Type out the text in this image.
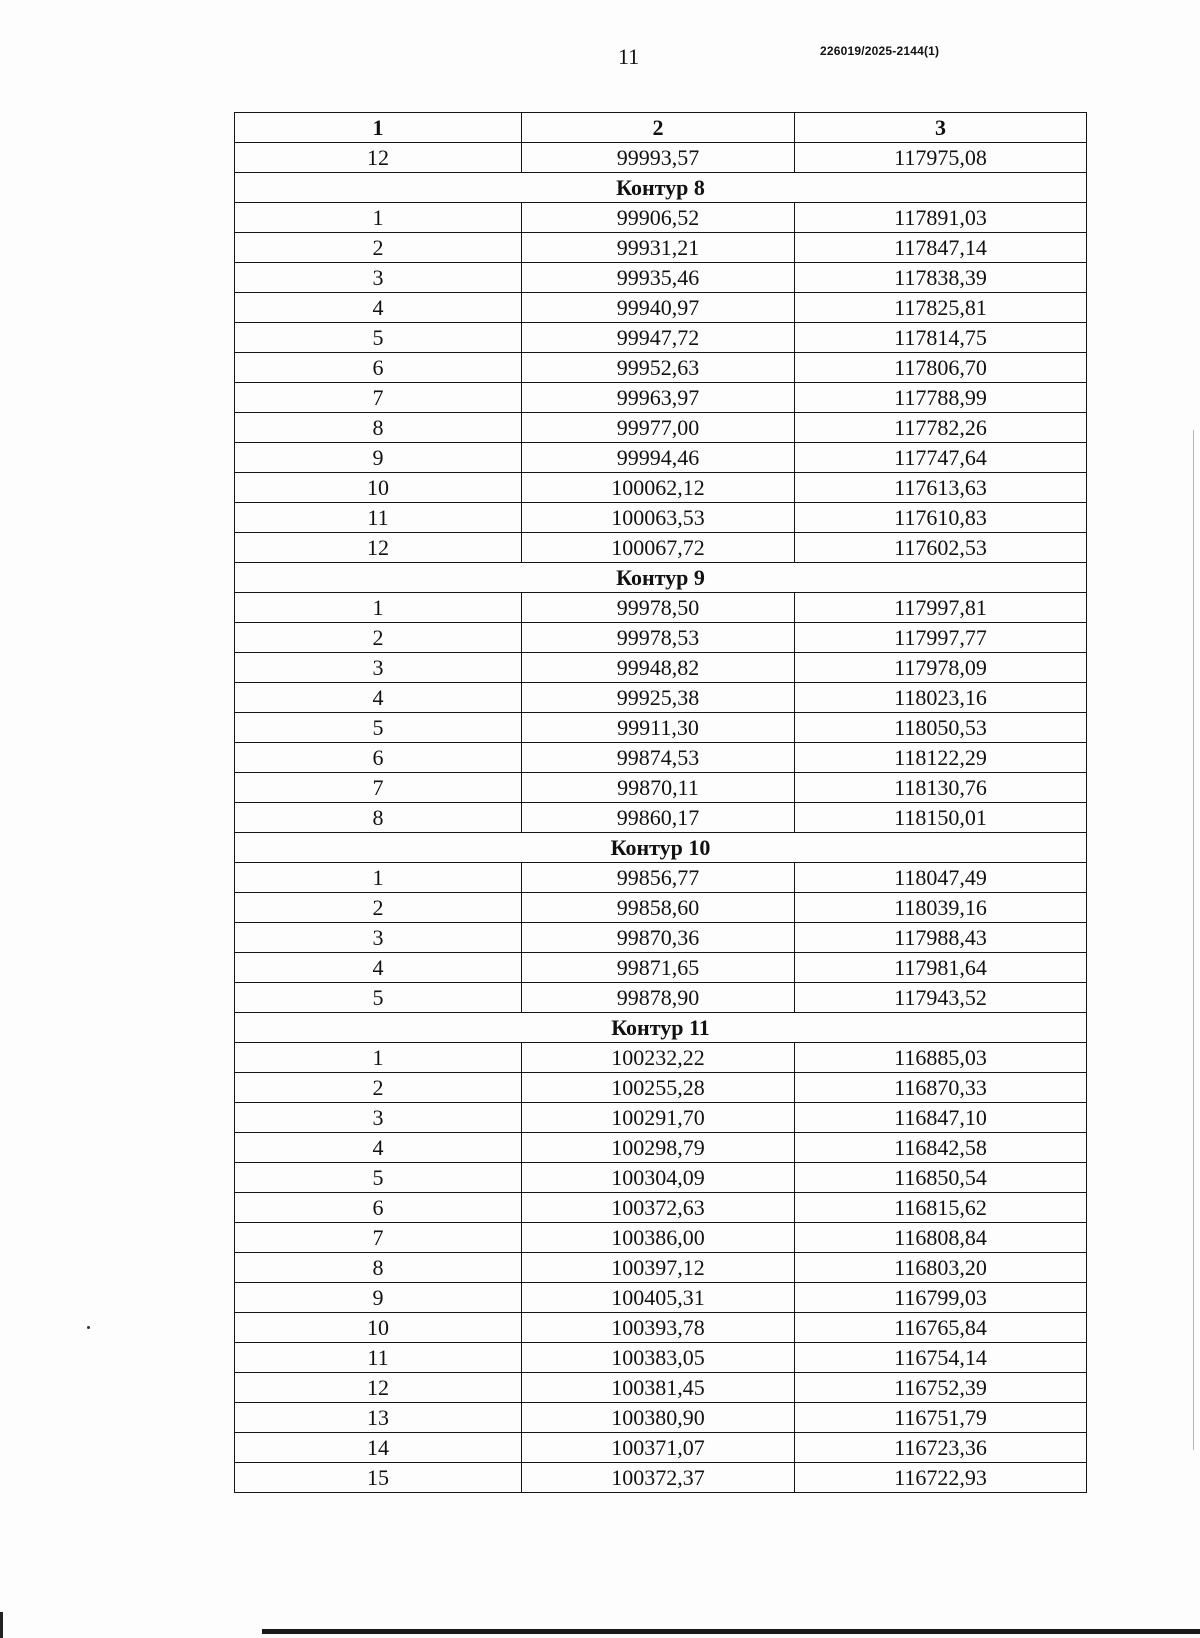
11	226019/2025-2144(1)
1	2	3
12	99993,57	117975,08
Контур 8		
1	99906,52	117891,03
2	99931,21	117847,14
3	99935,46	117838,39
4	99940,97	117825,81
5	99947,72	117814,75
6	99952,63	117806,70
7	99963,97	117788,99
8	99977,00	117782,26
9	99994,46	117747,64
10	100062,12	117613,63
11	100063,53	117610,83
12	100067,72	117602,53
Контур 9		
1	99978,50	117997,81
2	99978,53	117997,77
3	99948,82	117978,09
4	99925,38	118023,16
5	99911,30	118050,53
6	99874,53	118122,29
7	99870,11	118130,76
8	99860,17	118150,01
Контур 10		
1	99856,77	118047,49
2	99858,60	118039,16
3	99870,36	117988,43
4	99871,65	117981,64
5	99878,90	117943,52
Контур 11		
1	100232,22	116885,03
2	100255,28	116870,33
3	100291,70	116847,10
4	100298,79	116842,58
5	100304,09	116850,54
6	100372,63	116815,62
7	100386,00	116808,84
8	100397,12	116803,20
9	100405,31	116799,03
10	100393,78	116765,84
11	100383,05	116754,14
12	100381,45	116752,39
13	100380,90	116751,79
14	100371,07	116723,36
15	100372,37	116722,93
